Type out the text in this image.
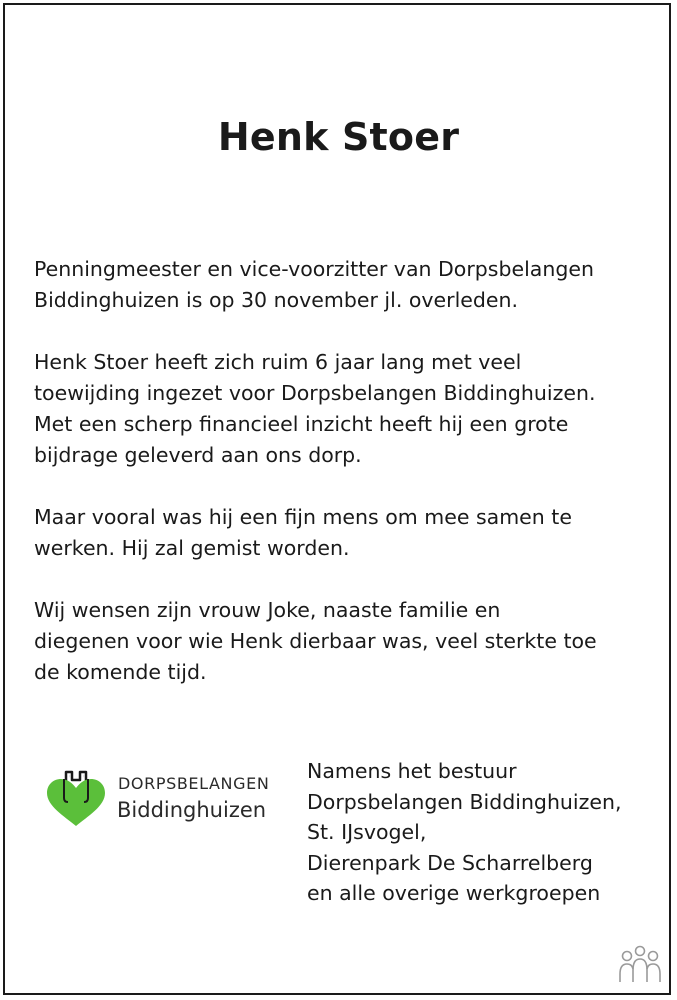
Henk Stoer

Penningmeester en vice-voorzitter van Dorpsbelangen
Biddinghuizen is op 30 november jl. overleden.

Henk Stoer heeft zich ruim 6 jaar lang met veel
toewijding ingezet voor Dorpsbelangen Biddinghuizen.
Met een scherp financieel inzicht heeft hij een grote
bijdrage geleverd aan ons dorp.

Maar vooral was hij een fijn mens om mee samen te
werken. Hij zal gemist worden.

Wij wensen zijn vrouw Joke, naaste familie en
diegenen voor wie Henk dierbaar was, veel sterkte toe
de komende tijd.

DORPSBELANGEN
Biddinghuizen
Namens het bestuur
Dorpsbelangen Biddinghuizen,
St. IJsvogel,
Dierenpark De Scharrelberg
en alle overige werkgroepen
